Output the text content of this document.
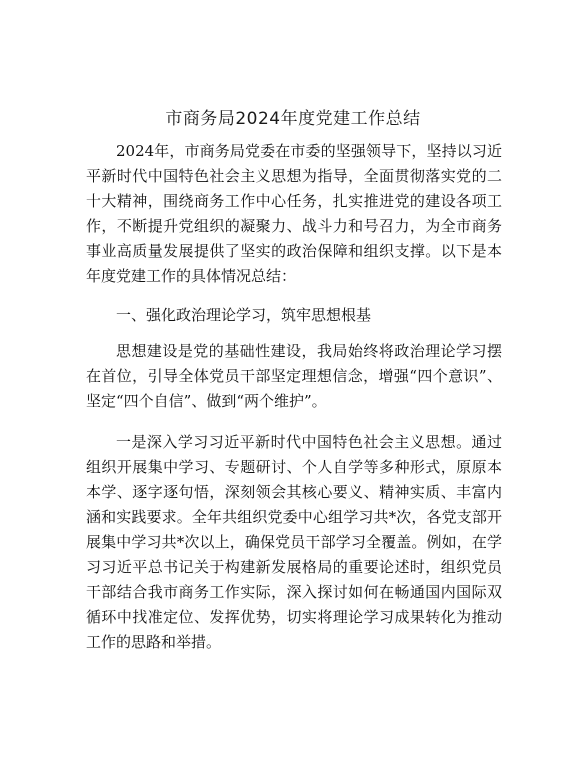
市商务局2024年度党建工作总结

2024年，市商务局党委在市委的坚强领导下，坚持以习近平新时代中国特色社会主义思想为指导，全面贯彻落实党的二十大精神，围绕商务工作中心任务，扎实推进党的建设各项工作，不断提升党组织的凝聚力、战斗力和号召力，为全市商务事业高质量发展提供了坚实的政治保障和组织支撑。以下是本年度党建工作的具体情况总结：

一、强化政治理论学习，筑牢思想根基

思想建设是党的基础性建设，我局始终将政治理论学习摆在首位，引导全体党员干部坚定理想信念，增强“四个意识”、坚定“四个自信”、做到“两个维护”。

一是深入学习习近平新时代中国特色社会主义思想。通过组织开展集中学习、专题研讨、个人自学等多种形式，原原本本学、逐字逐句悟，深刻领会其核心要义、精神实质、丰富内涵和实践要求。全年共组织党委中心组学习共*次，各党支部开展集中学习共*次以上，确保党员干部学习全覆盖。例如，在学习习近平总书记关于构建新发展格局的重要论述时，组织党员干部结合我市商务工作实际，深入探讨如何在畅通国内国际双循环中找准定位、发挥优势，切实将理论学习成果转化为推动工作的思路和举措。
